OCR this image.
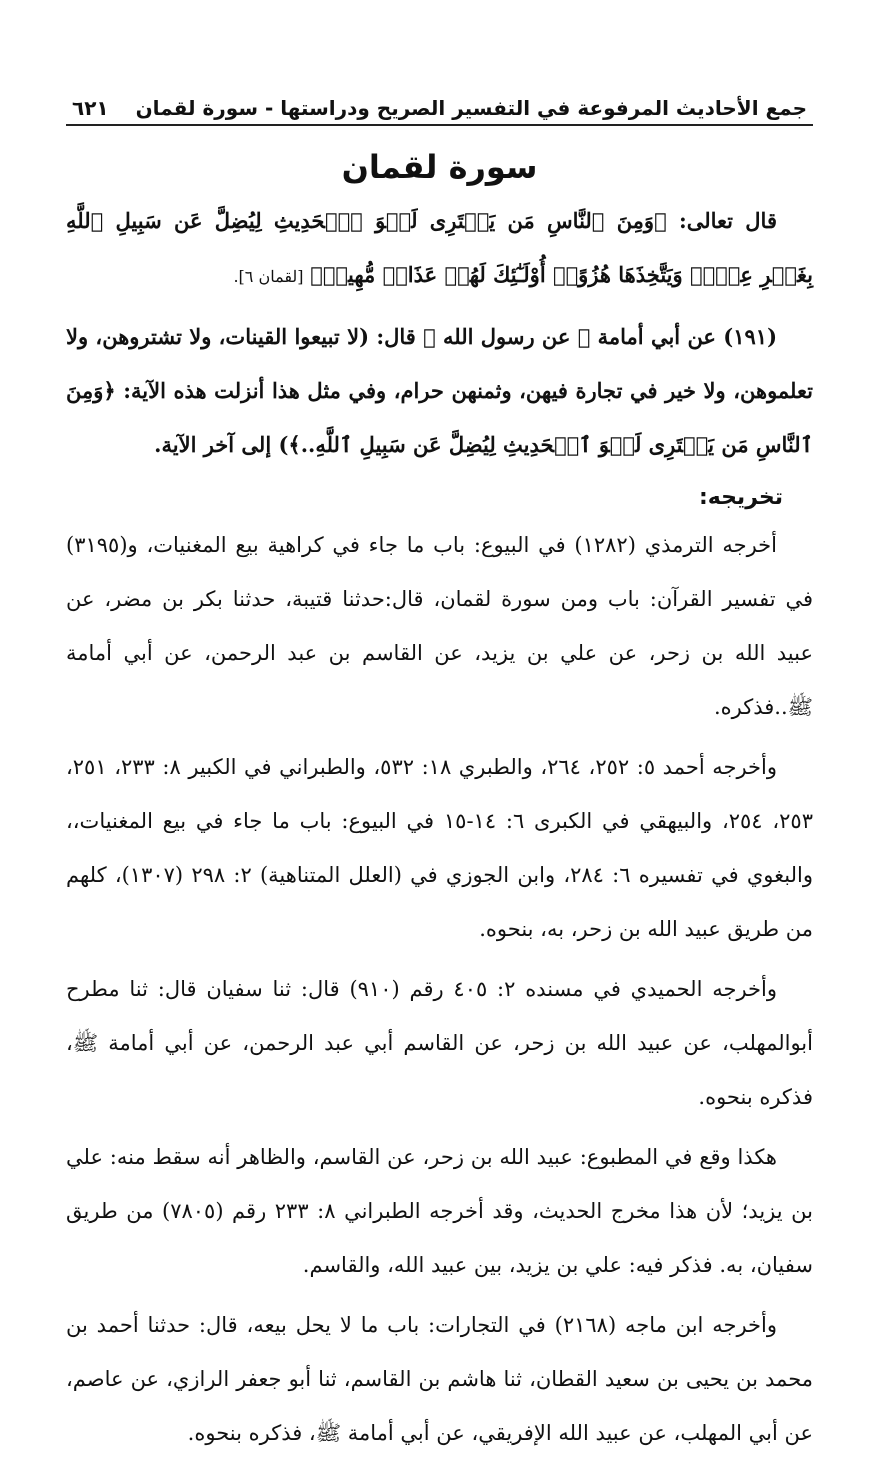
جمع الأحاديث المرفوعة في التفسير الصريح ودراستها - سورة لقمان
٦٢١
سورة لقمان

قال تعالى: ﴿وَمِنَ ٱلنَّاسِ مَن يَشۡتَرِى لَهۡوَ ٱلۡحَدِيثِ لِيُضِلَّ عَن سَبِيلِ ٱللَّهِ بِغَيۡرِ عِلۡمٖ وَيَتَّخِذَهَا هُزُوًاۚ أُوْلَـٰٓئِكَ لَهُمۡ عَذَابٞ مُّهِينٞ﴾ [لقمان ٦].

(١٩١) عن أبي أمامة ﷺ عن رسول الله ﷺ قال: (لا تبيعوا القينات، ولا تشتروهن، ولا تعلموهن، ولا خير في تجارة فيهن، وثمنهن حرام، وفي مثل هذا أنزلت هذه الآية: ﴿وَمِنَ ٱلنَّاسِ مَن يَشۡتَرِى لَهۡوَ ٱلۡحَدِيثِ لِيُضِلَّ عَن سَبِيلِ ٱللَّهِ..﴾) إلى آخر الآية.

تخريجه:

أخرجه الترمذي (١٢٨٢) في البيوع: باب ما جاء في كراهية بيع المغنيات، و(٣١٩٥) في تفسير القرآن: باب ومن سورة لقمان، قال:حدثنا قتيبة، حدثنا بكر بن مضر، عن عبيد الله بن زحر، عن علي بن يزيد، عن القاسم بن عبد الرحمن، عن أبي أمامة ﷺ..فذكره.

وأخرجه أحمد ٥: ٢٥٢، ٢٦٤، والطبري ١٨: ٥٣٢، والطبراني في الكبير ٨: ٢٣٣، ٢٥١، ٢٥٣، ٢٥٤، والبيهقي في الكبرى ٦: ١٤-١٥ في البيوع: باب ما جاء في بيع المغنيات،، والبغوي في تفسيره ٦: ٢٨٤، وابن الجوزي في (العلل المتناهية) ٢: ٢٩٨ (١٣٠٧)، كلهم من طريق عبيد الله بن زحر، به، بنحوه.

وأخرجه الحميدي في مسنده ٢: ٤٠٥ رقم (٩١٠) قال: ثنا سفيان قال: ثنا مطرح أبوالمهلب، عن عبيد الله بن زحر، عن القاسم أبي عبد الرحمن، عن أبي أمامة ﷺ، فذكره بنحوه.

هكذا وقع في المطبوع: عبيد الله بن زحر، عن القاسم، والظاهر أنه سقط منه: علي بن يزيد؛ لأن هذا مخرج الحديث، وقد أخرجه الطبراني ٨: ٢٣٣ رقم (٧٨٠٥) من طريق سفيان، به. فذكر فيه: علي بن يزيد، بين عبيد الله، والقاسم.

وأخرجه ابن ماجه (٢١٦٨) في التجارات: باب ما لا يحل بيعه، قال: حدثنا أحمد بن محمد بن يحيى بن سعيد القطان، ثنا هاشم بن القاسم، ثنا أبو جعفر الرازي، عن عاصم، عن أبي المهلب، عن عبيد الله الإفريقي، عن أبي أمامة ﷺ، فذكره بنحوه.
